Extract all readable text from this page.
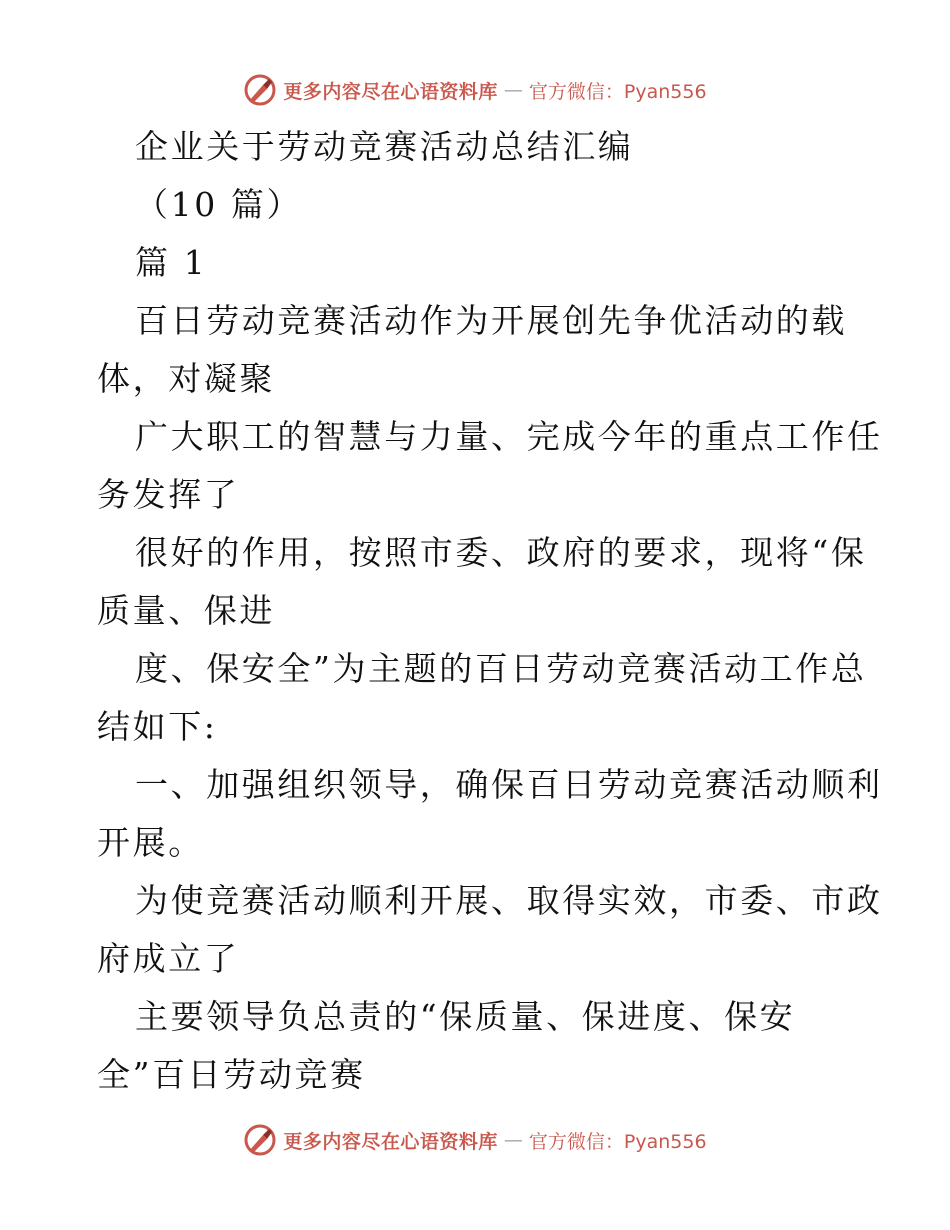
更多内容尽在心语资料库 — 官方微信：Pyan556
企业关于劳动竞赛活动总结汇编
（10 篇）
篇 1
百日劳动竞赛活动作为开展创先争优活动的载
体，对凝聚
广大职工的智慧与力量、完成今年的重点工作任
务发挥了
很好的作用，按照市委、政府的要求，现将“保
质量、保进
度、保安全”为主题的百日劳动竞赛活动工作总
结如下:
一、加强组织领导，确保百日劳动竞赛活动顺利
开展。
为使竞赛活动顺利开展、取得实效，市委、市政
府成立了
主要领导负总责的“保质量、保进度、保安
全”百日劳动竞赛
更多内容尽在心语资料库 — 官方微信：Pyan556
